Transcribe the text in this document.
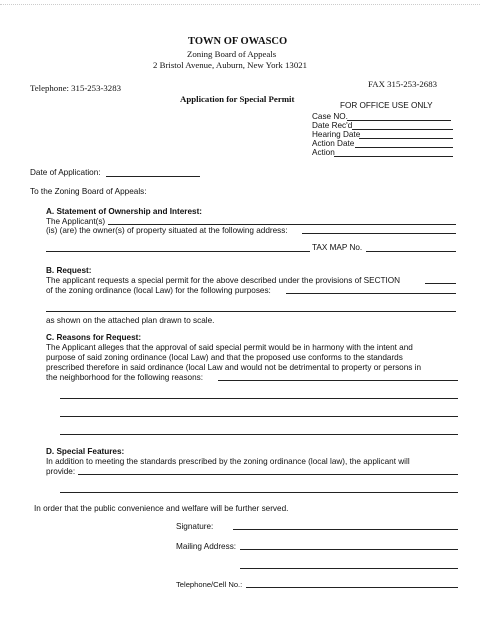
TOWN OF OWASCO
Zoning Board of Appeals
2 Bristol Avenue, Auburn, New York 13021
Telephone: 315-253-3283	FAX 315-253-2683
Application for Special Permit
FOR OFFICE USE ONLY
Case NO.
Date Rec'd
Hearing Date
Action Date
Action
Date of Application:
To the Zoning Board of Appeals:
A. Statement of Ownership and Interest:
The Applicant(s)
(is) (are) the owner(s) of property situated at the following address:
TAX MAP No.
B. Request:
The applicant requests a special permit for the above described under the provisions of SECTION
of the zoning ordinance (local Law) for the following purposes:
as shown on the attached plan drawn to scale.
C. Reasons for Request:
The Applicant alleges that the approval of said special permit would be in harmony with the intent and
purpose of said zoning ordinance (local Law) and that the proposed use conforms to the standards
prescribed therefore in said ordinance (local Law and would not be detrimental to property or persons in
the neighborhood for the following reasons:
D. Special Features:
In addition to meeting the standards prescribed by the zoning ordinance (local law), the applicant will
provide:
In order that the public convenience and welfare will be further served.
Signature:
Mailing Address:
Telephone/Cell No.:
